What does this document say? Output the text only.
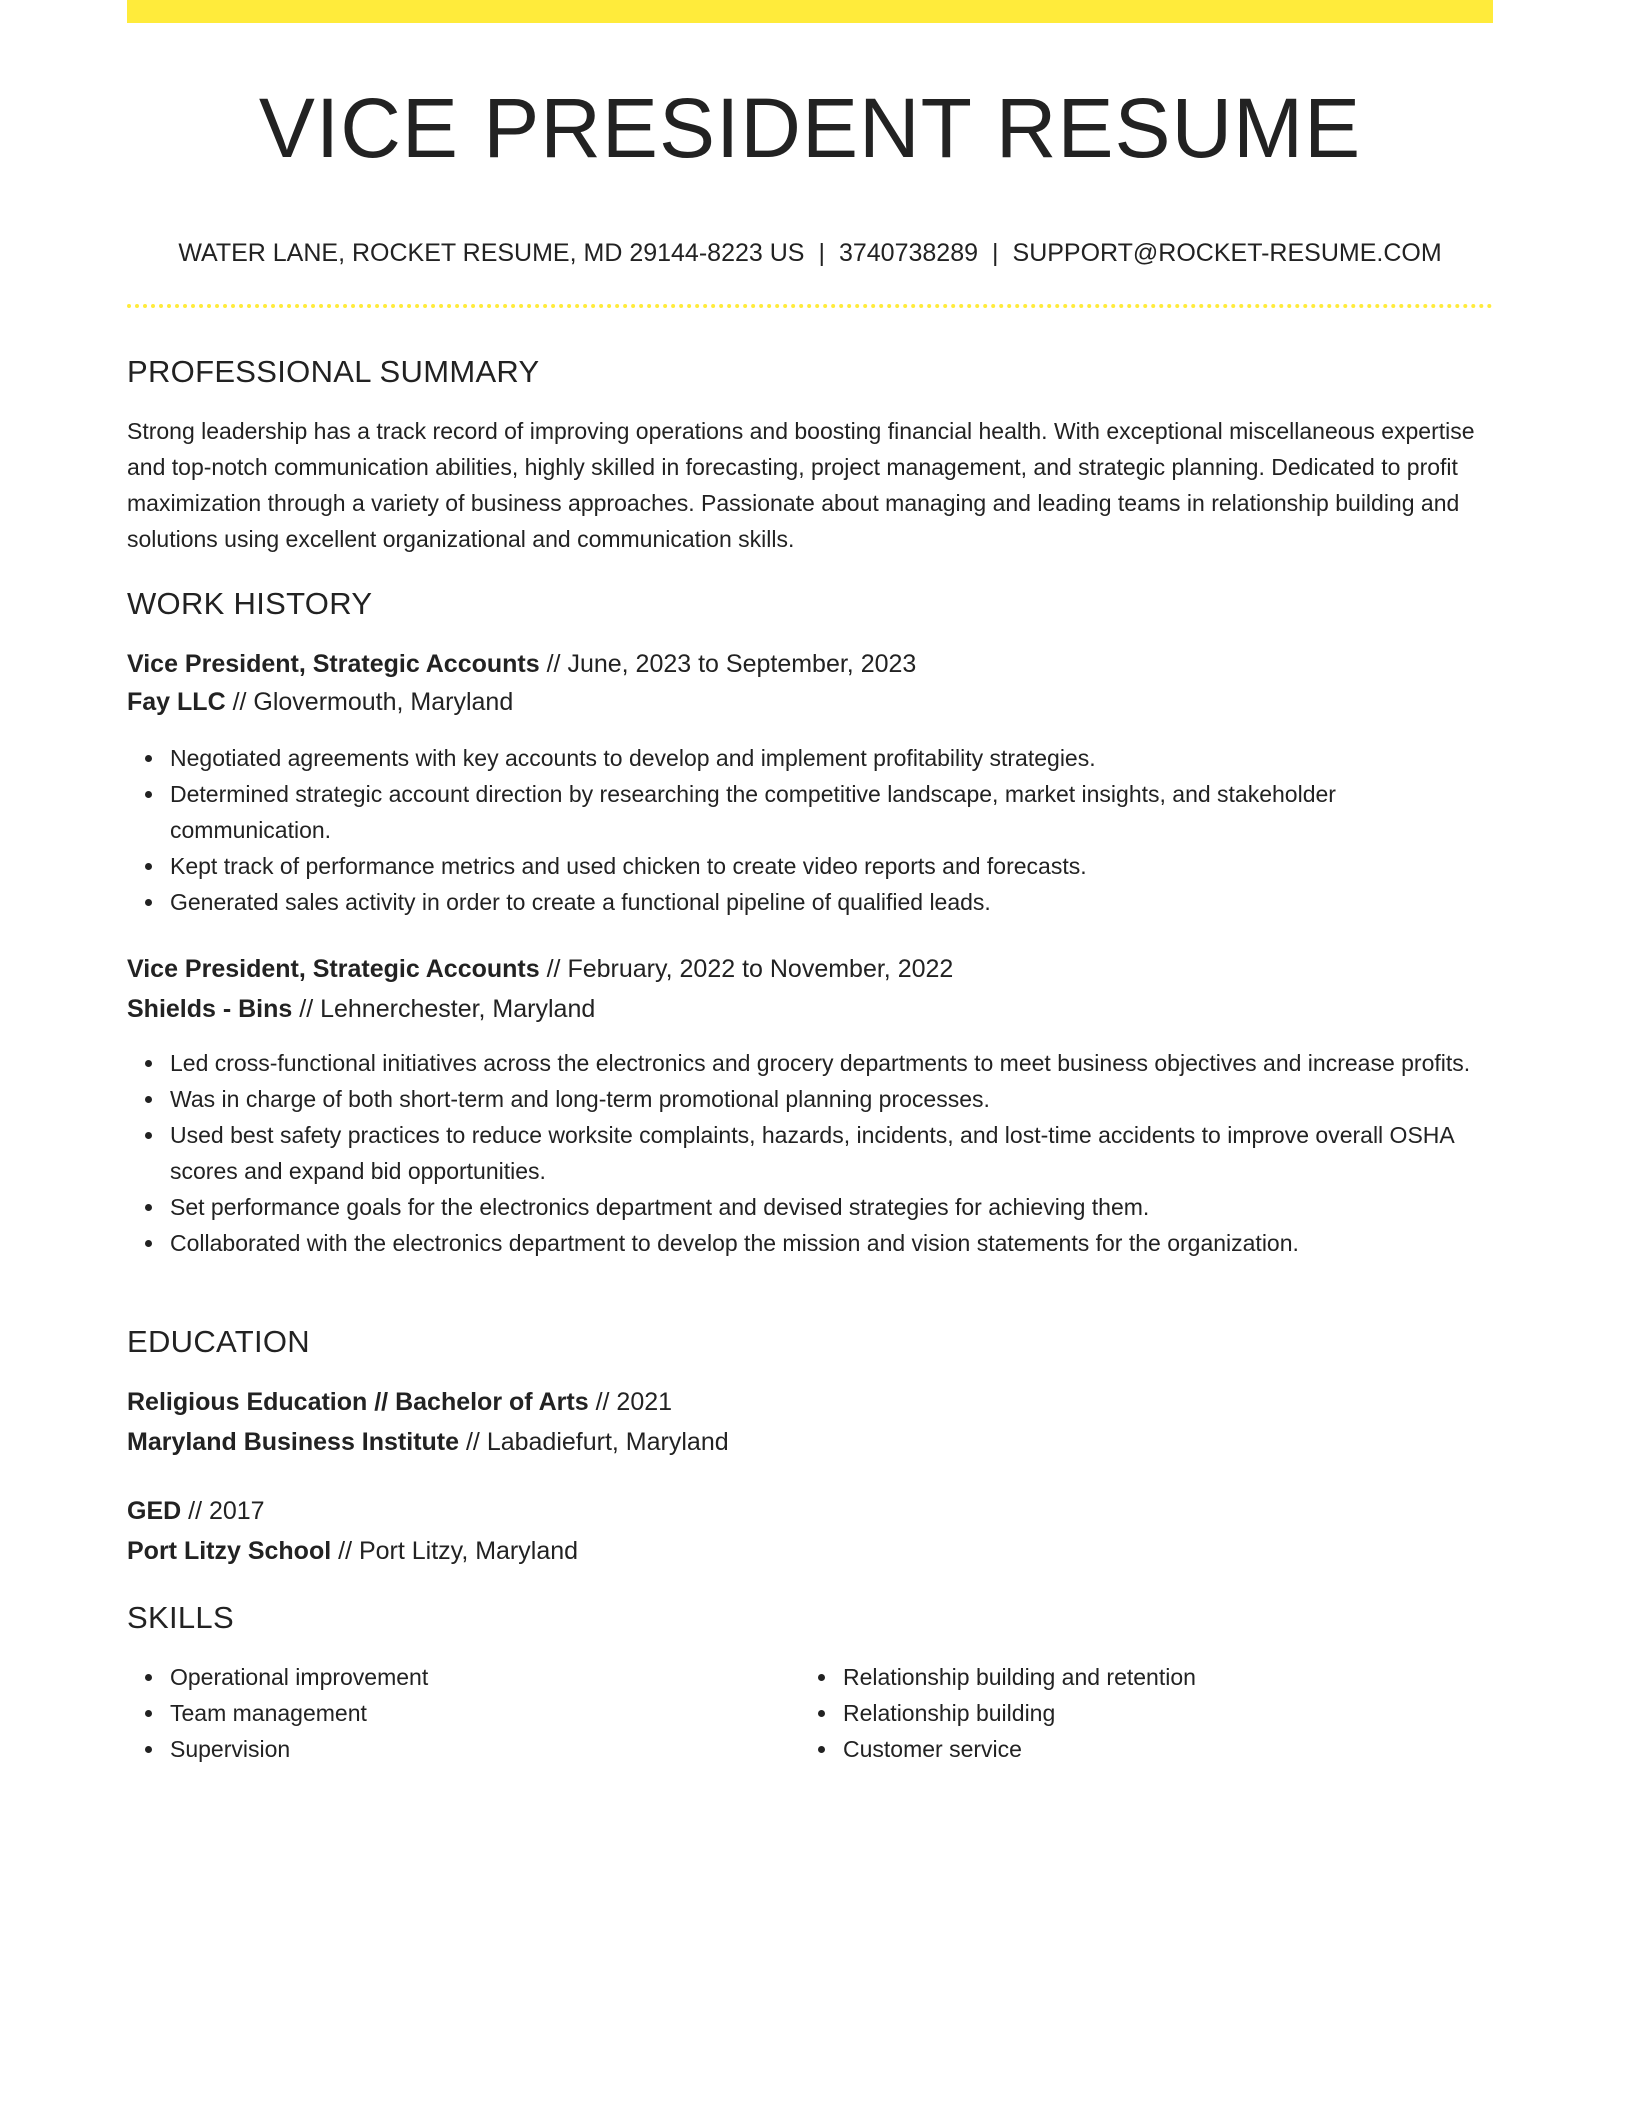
VICE PRESIDENT RESUME
WATER LANE, ROCKET RESUME, MD 29144-8223 US | 3740738289 | SUPPORT@ROCKET-RESUME.COM
PROFESSIONAL SUMMARY

Strong leadership has a track record of improving operations and boosting financial health. With exceptional miscellaneous expertise and top-notch communication abilities, highly skilled in forecasting, project management, and strategic planning. Dedicated to profit maximization through a variety of business approaches. Passionate about managing and leading teams in relationship building and solutions using excellent organizational and communication skills.

WORK HISTORY
Vice President, Strategic Accounts // June, 2023 to September, 2023
Fay LLC // Glovermouth, Maryland
Negotiated agreements with key accounts to develop and implement profitability strategies.
Determined strategic account direction by researching the competitive landscape, market insights, and stakeholder communication.
Kept track of performance metrics and used chicken to create video reports and forecasts.
Generated sales activity in order to create a functional pipeline of qualified leads.
Vice President, Strategic Accounts // February, 2022 to November, 2022
Shields - Bins // Lehnerchester, Maryland
Led cross-functional initiatives across the electronics and grocery departments to meet business objectives and increase profits.
Was in charge of both short-term and long-term promotional planning processes.
Used best safety practices to reduce worksite complaints, hazards, incidents, and lost-time accidents to improve overall OSHA scores and expand bid opportunities.
Set performance goals for the electronics department and devised strategies for achieving them.
Collaborated with the electronics department to develop the mission and vision statements for the organization.
EDUCATION
Religious Education // Bachelor of Arts // 2021
Maryland Business Institute // Labadiefurt, Maryland
GED // 2017
Port Litzy School // Port Litzy, Maryland
SKILLS
Operational improvement
Team management
Supervision
Relationship building and retention
Relationship building
Customer service
